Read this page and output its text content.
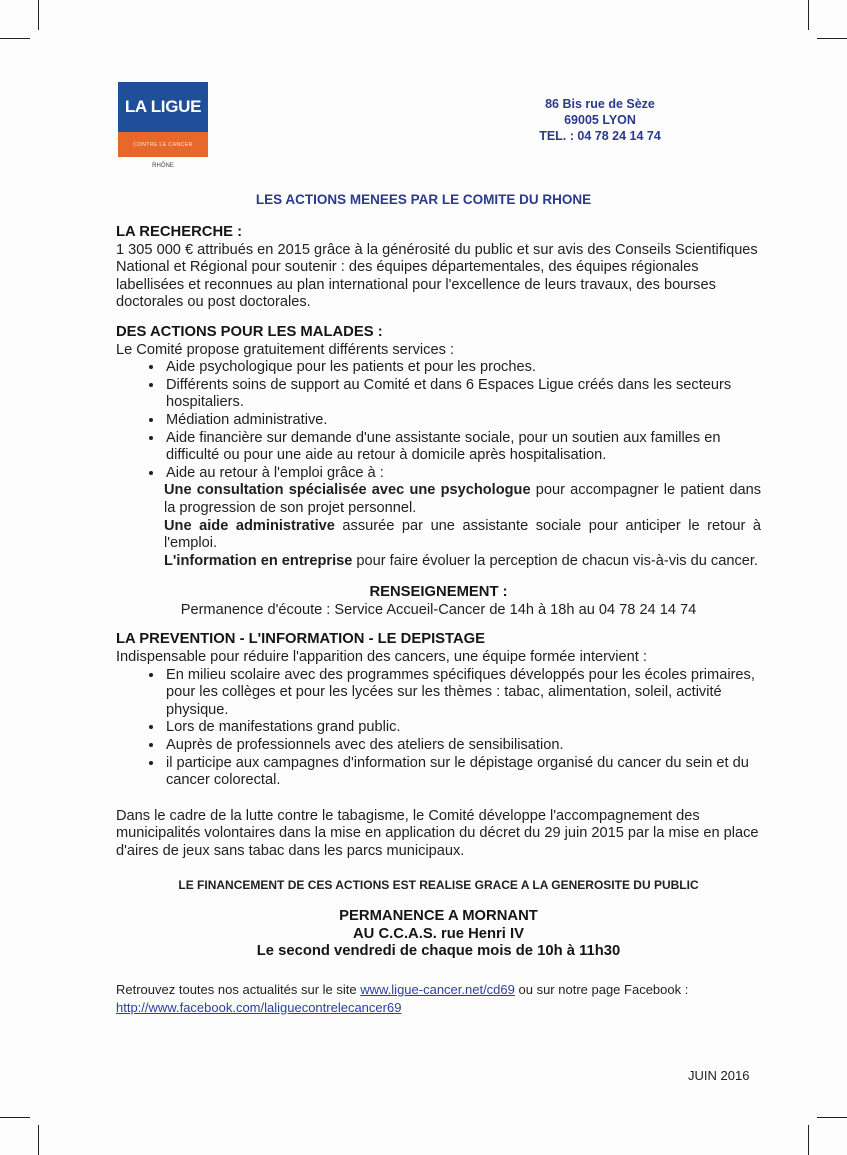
LA LIGUE
CONTRE LE CANCER
RHÔNE
86 Bis rue de Sèze
69005 LYON
TEL. : 04 78 24 14 74
LES ACTIONS MENEES PAR LE COMITE DU RHONE
LA RECHERCHE :

1 305 000 € attribués en 2015 grâce à la générosité du public et sur avis des Conseils Scientifiques National et Régional pour soutenir : des équipes départementales, des équipes régionales labellisées et reconnues au plan international pour l'excellence de leurs travaux, des bourses doctorales ou post doctorales.

DES ACTIONS POUR LES MALADES :

Le Comité propose gratuitement différents services :

• Aide psychologique pour les patients et pour les proches.
• Différents soins de support au Comité et dans 6 Espaces Ligue créés dans les secteurs hospitaliers.
• Médiation administrative.
• Aide financière sur demande d'une assistante sociale, pour un soutien aux familles en difficulté ou pour une aide au retour à domicile après hospitalisation.
• Aide au retour à l'emploi grâce à :

Une consultation spécialisée avec une psychologue pour accompagner le patient dans la progression de son projet personnel.

Une aide administrative assurée par une assistante sociale pour anticiper le retour à l'emploi.

L'information en entreprise pour faire évoluer la perception de chacun vis-à-vis du cancer.

RENSEIGNEMENT :

Permanence d'écoute : Service Accueil-Cancer de 14h à 18h au 04 78 24 14 74

LA PREVENTION - L'INFORMATION - LE DEPISTAGE

Indispensable pour réduire l'apparition des cancers, une équipe formée intervient :

• En milieu scolaire avec des programmes spécifiques développés pour les écoles primaires, pour les collèges et pour les lycées sur les thèmes : tabac, alimentation, soleil, activité physique.
• Lors de manifestations grand public.
• Auprès de professionnels avec des ateliers de sensibilisation.
• il participe aux campagnes d'information sur le dépistage organisé du cancer du sein et du cancer colorectal.

Dans le cadre de la lutte contre le tabagisme, le Comité développe l'accompagnement des municipalités volontaires dans la mise en application du décret du 29 juin 2015 par la mise en place d'aires de jeux sans tabac dans les parcs municipaux.

LE FINANCEMENT DE CES ACTIONS EST REALISE GRACE A LA GENEROSITE DU PUBLIC
PERMANENCE A MORNANT
AU C.C.A.S. rue Henri IV
Le second vendredi de chaque mois de 10h à 11h30

Retrouvez toutes nos actualités sur le site www.ligue-cancer.net/cd69 ou sur notre page Facebook :
http://www.facebook.com/laliguecontrelecancer69

JUIN 2016
